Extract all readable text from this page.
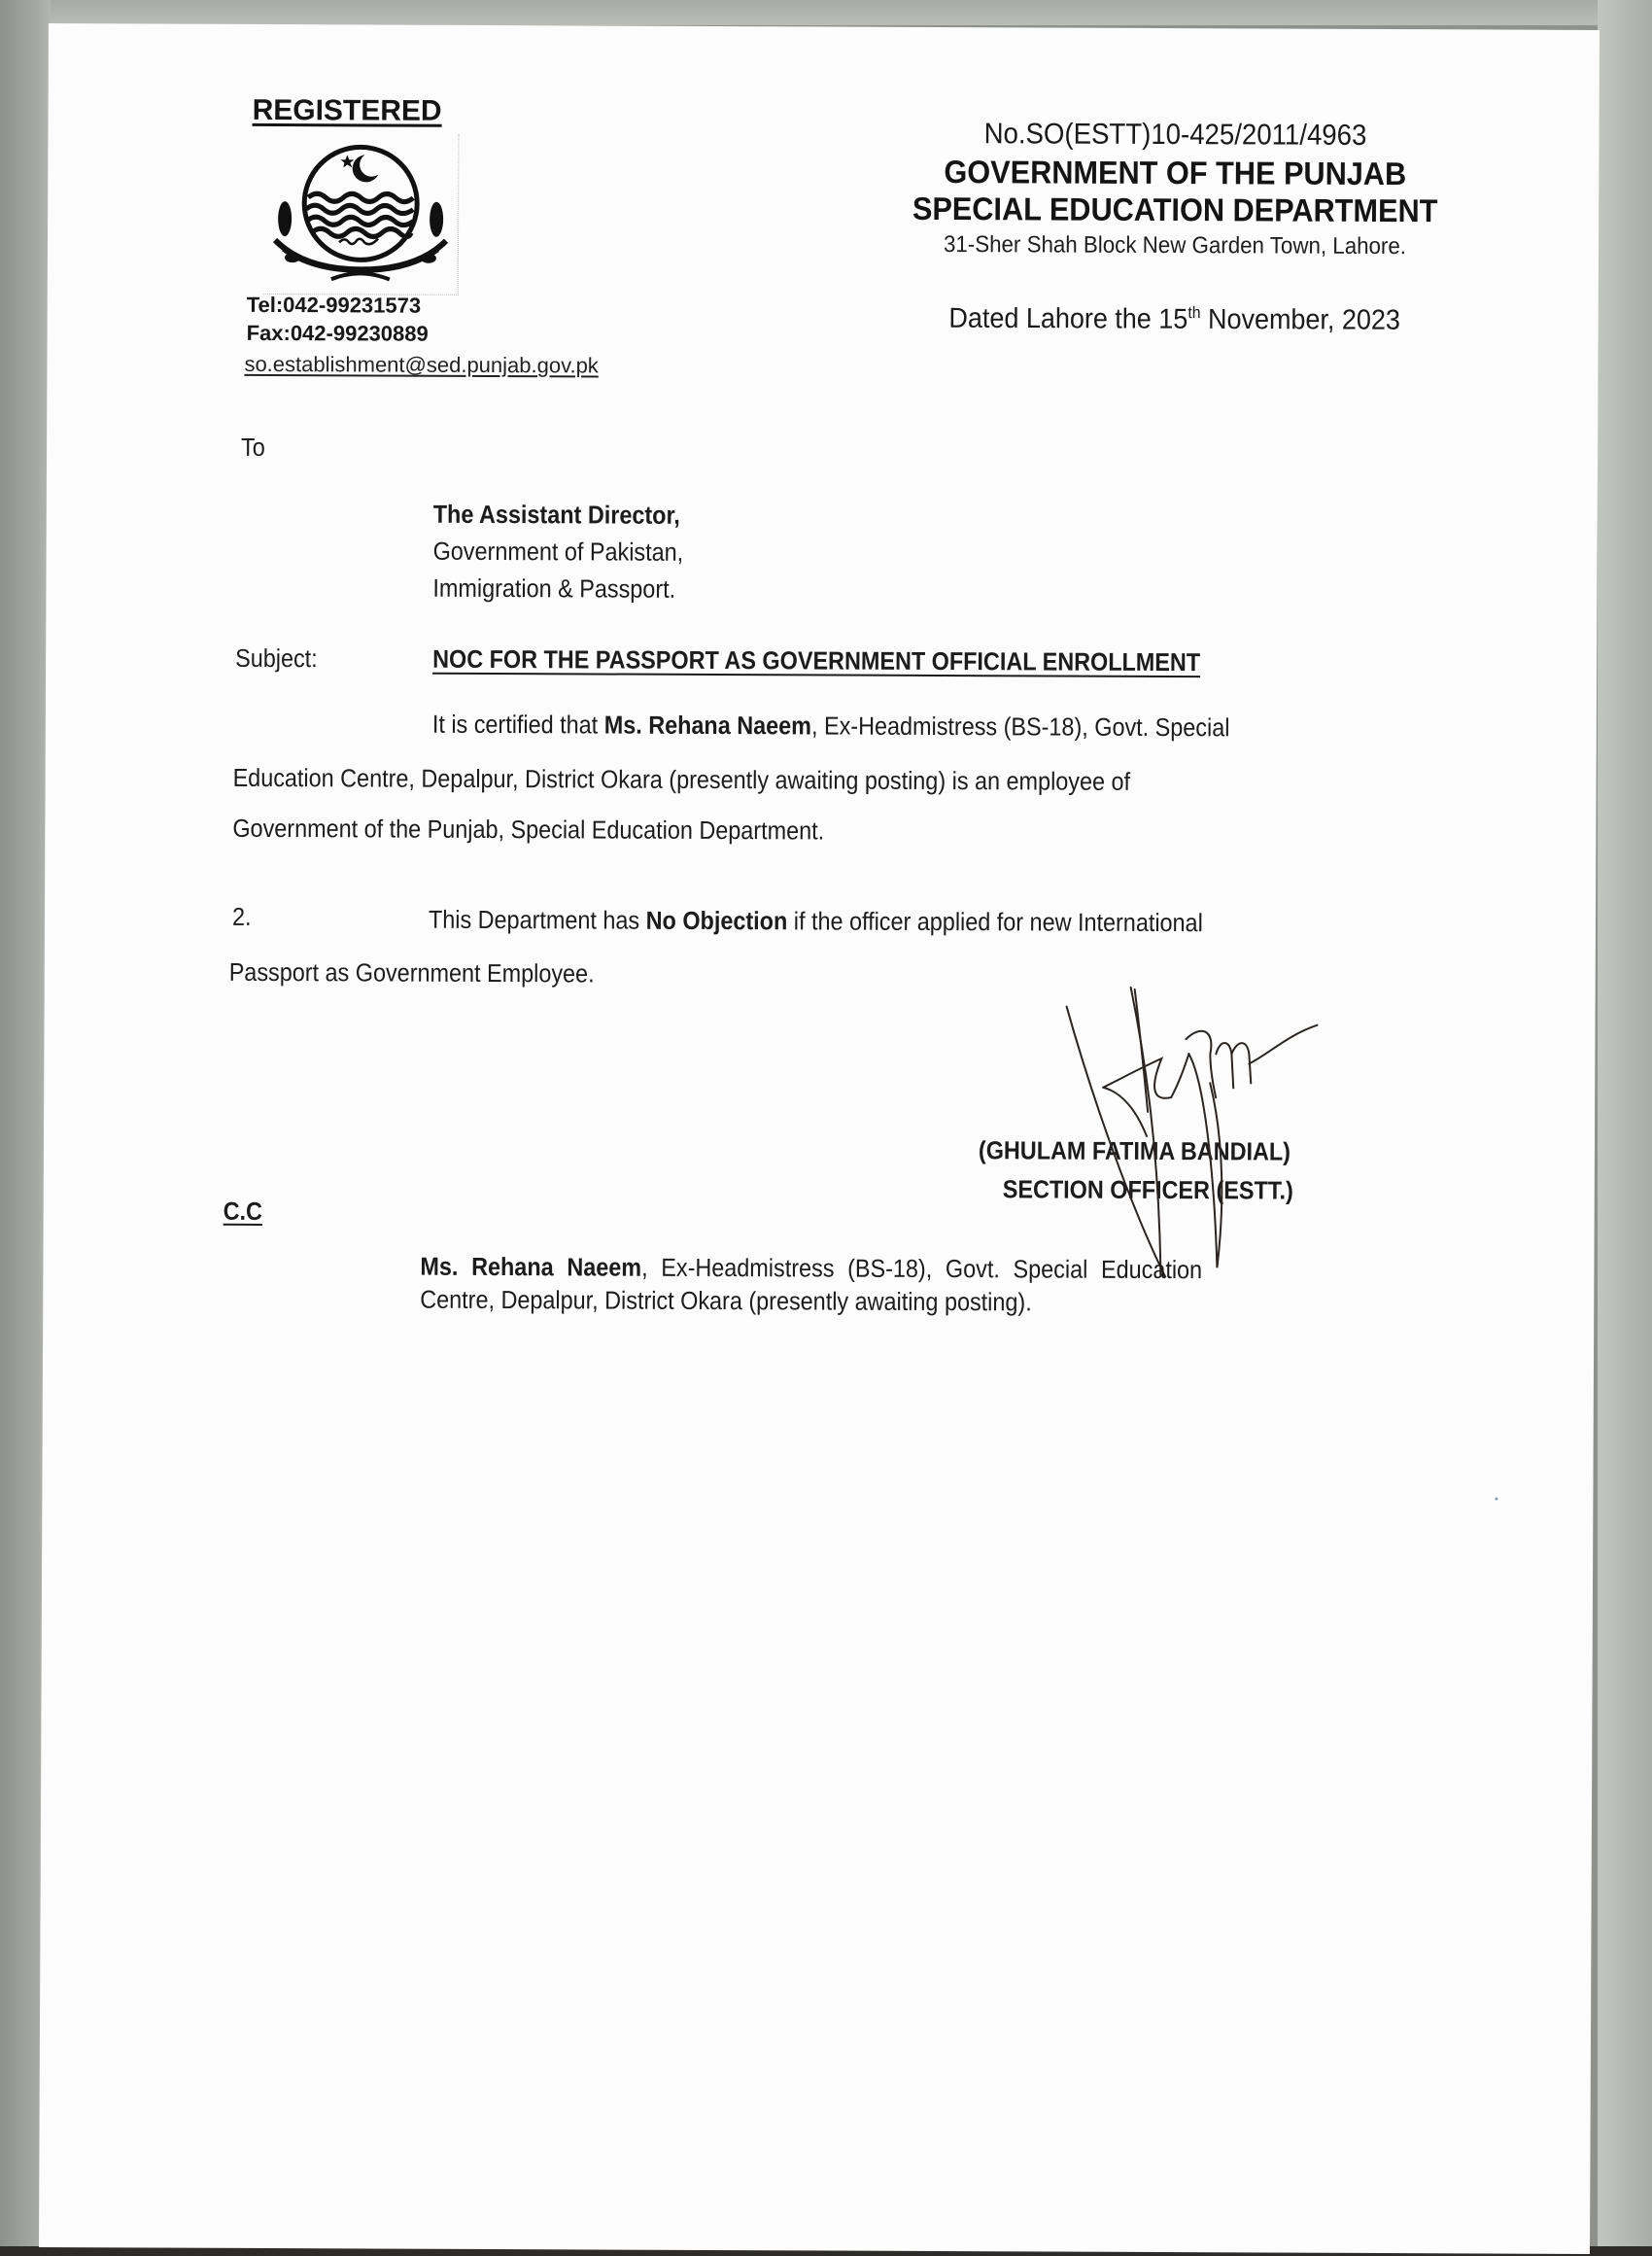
REGISTERED
Tel:042-99231573
Fax:042-99230889
so.establishment@sed.punjab.gov.pk
No.SO(ESTT)10-425/2011/4963
GOVERNMENT OF THE PUNJAB
SPECIAL EDUCATION DEPARTMENT
31-Sher Shah Block New Garden Town, Lahore.
Dated Lahore the 15th November, 2023
To
The Assistant Director,
Government of Pakistan,
Immigration & Passport.
Subject:	NOC FOR THE PASSPORT AS GOVERNMENT OFFICIAL ENROLLMENT
It is certified that Ms. Rehana Naeem, Ex-Headmistress (BS-18), Govt. Special
Education Centre, Depalpur, District Okara (presently awaiting posting) is an employee of
Government of the Punjab, Special Education Department.
2.	This Department has No Objection if the officer applied for new International
Passport as Government Employee.
(GHULAM FATIMA BANDIAL)
SECTION OFFICER (ESTT.)
C.C
Ms. Rehana Naeem, Ex-Headmistress (BS-18), Govt. Special Education
Centre, Depalpur, District Okara (presently awaiting posting).
